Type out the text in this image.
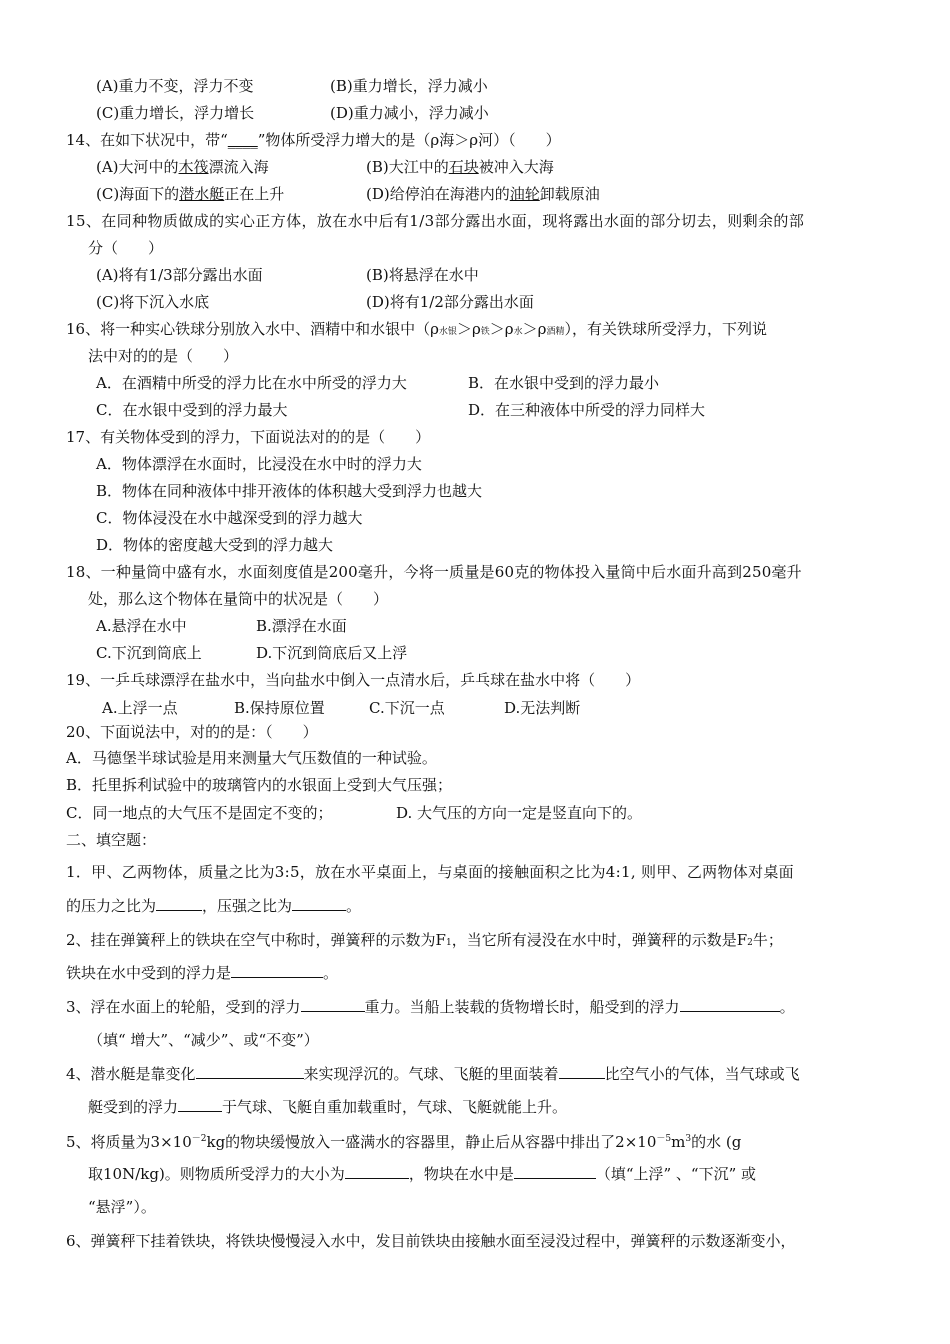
(A)重力不变，浮力不变	(B)重力增长，浮力减小
(C)重力增长，浮力增长	(D)重力减小，浮力减小
14、在如下状况中，带“____”物体所受浮力增大的是（ρ海＞ρ河）（　　）
(A)大河中的木筏漂流入海	(B)大江中的石块被冲入大海
(C)海面下的潜水艇正在上升	(D)给停泊在海港内的油轮卸载原油
15、在同种物质做成的实心正方体，放在水中后有1/3部分露出水面，现将露出水面的部分切去，则剩余的部
分（　　）
(A)将有1/3部分露出水面	(B)将悬浮在水中
(C)将下沉入水底	(D)将有1/2部分露出水面
16、将一种实心铁球分别放入水中、酒精中和水银中（ρ水银＞ρ铁＞ρ水＞ρ酒精），有关铁球所受浮力，下列说
法中对的的是（　　）
A．在酒精中所受的浮力比在水中所受的浮力大	B．在水银中受到的浮力最小
C．在水银中受到的浮力最大	D．在三种液体中所受的浮力同样大
17、有关物体受到的浮力，下面说法对的的是（　　）
A．物体漂浮在水面时，比浸没在水中时的浮力大
B．物体在同种液体中排开液体的体积越大受到浮力也越大
C．物体浸没在水中越深受到的浮力越大
D．物体的密度越大受到的浮力越大
18、一种量筒中盛有水，水面刻度值是200毫升，今将一质量是60克的物体投入量筒中后水面升高到250毫升
处，那么这个物体在量筒中的状况是（　　）
A.悬浮在水中	B.漂浮在水面
C.下沉到筒底上	D.下沉到筒底后又上浮
19、一乒乓球漂浮在盐水中，当向盐水中倒入一点清水后，乒乓球在盐水中将（　　）
A.上浮一点	B.保持原位置	C.下沉一点	D.无法判断
20、下面说法中，对的的是：（　　）
A．马德堡半球试验是用来测量大气压数值的一种试验。
B．托里拆利试验中的玻璃管内的水银面上受到大气压强；
C．同一地点的大气压不是固定不变的；	D. 大气压的方向一定是竖直向下的。
二、填空题：
1．甲、乙两物体，质量之比为3:5，放在水平桌面上，与桌面的接触面积之比为4:1, 则甲、乙两物体对桌面
的压力之比为	，压强之比为	。
2、挂在弹簧秤上的铁块在空气中称时，弹簧秤的示数为F1，当它所有浸没在水中时，弹簧秤的示数是F2牛；
铁块在水中受到的浮力是	。
3、浮在水面上的轮船，受到的浮力	重力。当船上装载的货物增长时，船受到的浮力	。
（填“ 增大”、“减少”、或“不变”）
4、潜水艇是靠变化	来实现浮沉的。气球、飞艇的里面装着	比空气小的气体，当气球或飞
艇受到的浮力	于气球、飞艇自重加载重时，气球、飞艇就能上升。
5、将质量为$3\times 10^{-2}kg$的物块缓慢放入一盛满水的容器里，静止后从容器中排出了$2\times 10^{-5}m^3$的水 (g
取10N/kg)。则物质所受浮力的大小为	，物块在水中是	（填“上浮” 、“下沉” 或
“悬浮”）。
6、弹簧秤下挂着铁块，将铁块慢慢浸入水中，发目前铁块由接触水面至浸没过程中，弹簧秤的示数逐渐变小，
